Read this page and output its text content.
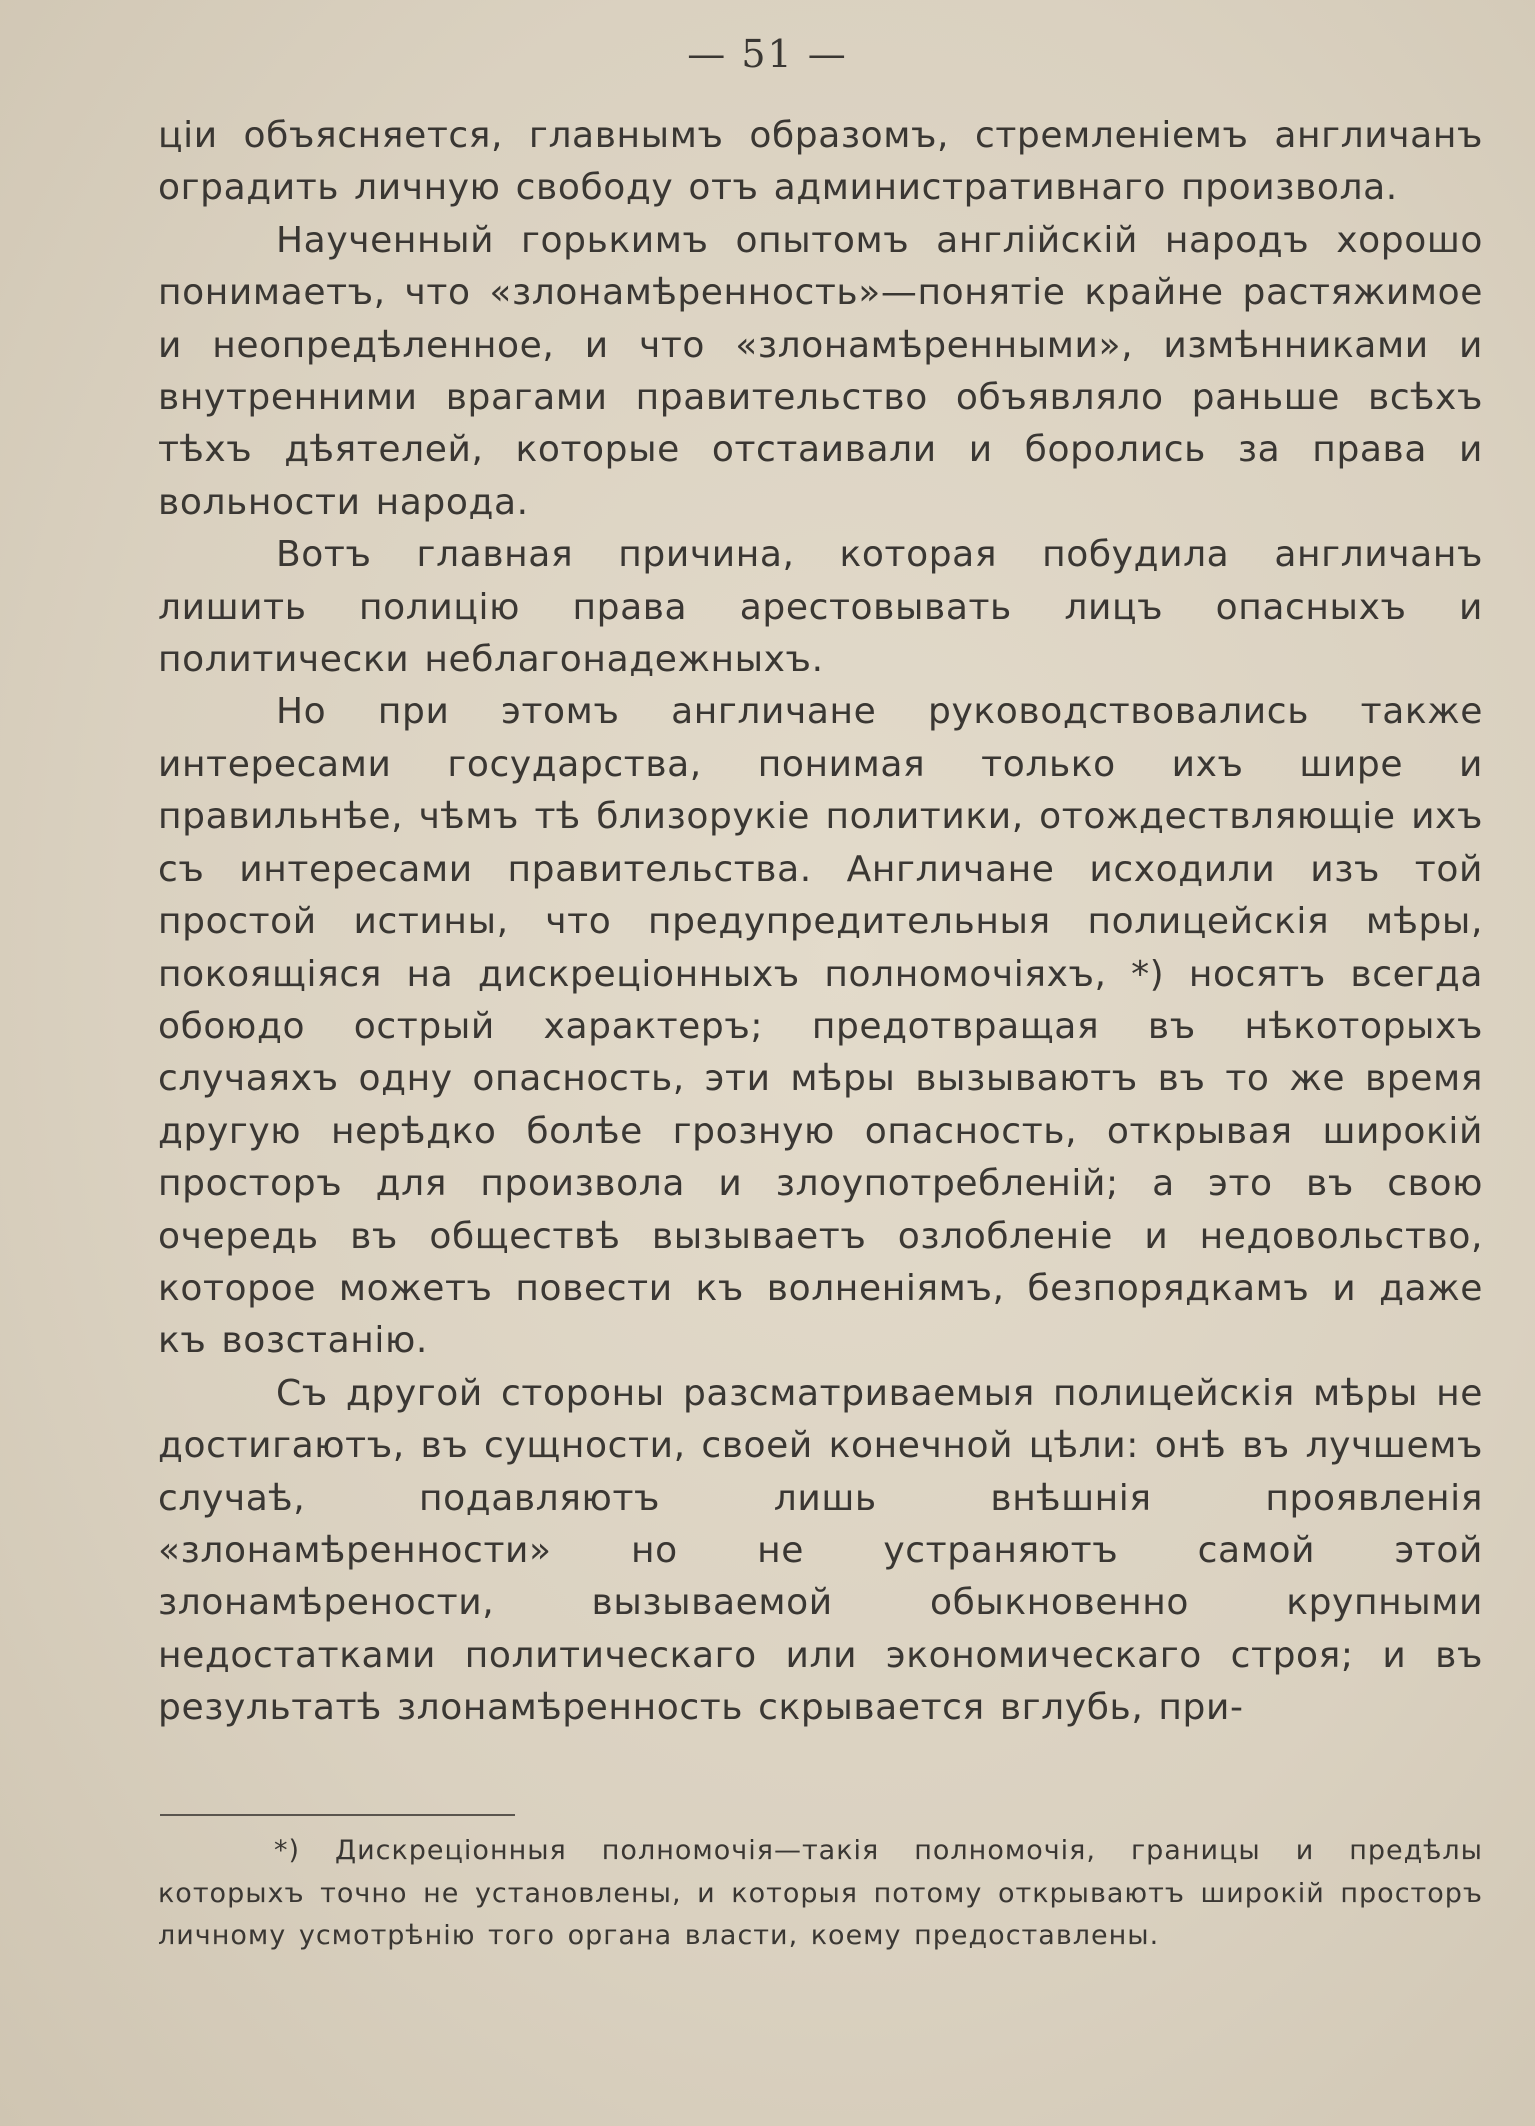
— 51 —

ціи объясняется, главнымъ образомъ, стремленіемъ англичанъ оградить личную свободу отъ административнаго произвола.

Наученный горькимъ опытомъ англійскій народъ хорошо понимаетъ, что «злонамѣренность»—понятіе крайне растяжимое и неопредѣленное, и что «злонамѣренными», измѣнниками и внутренними врагами правительство объявляло раньше всѣхъ тѣхъ дѣятелей, которые отстаивали и боролись за права и вольности народа.

Вотъ главная причина, которая побудила англичанъ лишить полицію права арестовывать лицъ опасныхъ и политически неблагонадежныхъ.

Но при этомъ англичане руководствовались также интересами государства, понимая только ихъ шире и правильнѣе, чѣмъ тѣ близорукіе политики, отождествляющіе ихъ съ интересами правительства. Англичане исходили изъ той простой истины, что предупредительныя полицейскія мѣры, покоящіяся на дискреціонныхъ полномочіяхъ, *) носятъ всегда обоюдо острый характеръ; предотвращая въ нѣкоторыхъ случаяхъ одну опасность, эти мѣры вызываютъ въ то же время другую нерѣдко болѣе грозную опасность, открывая широкій просторъ для произвола и злоупотребленій; а это въ свою очередь въ обществѣ вызываетъ озлобленіе и недовольство, которое можетъ повести къ волненіямъ, безпорядкамъ и даже къ возстанію.

Съ другой стороны разсматриваемыя полицейскія мѣры не достигаютъ, въ сущности, своей конечной цѣли: онѣ въ лучшемъ случаѣ, подавляютъ лишь внѣшнія проявленія «злонамѣренности» но не устраняютъ самой этой злонамѣрености, вызываемой обыкновенно крупными недостатками политическаго или экономическаго строя; и въ результатѣ злонамѣренность скрывается вглубь, при-

*) Дискреціонныя полномочія—такія полномочія, границы и предѣлы которыхъ точно не установлены, и которыя потому открываютъ широкій просторъ личному усмотрѣнію того органа власти, коему предоставлены.
